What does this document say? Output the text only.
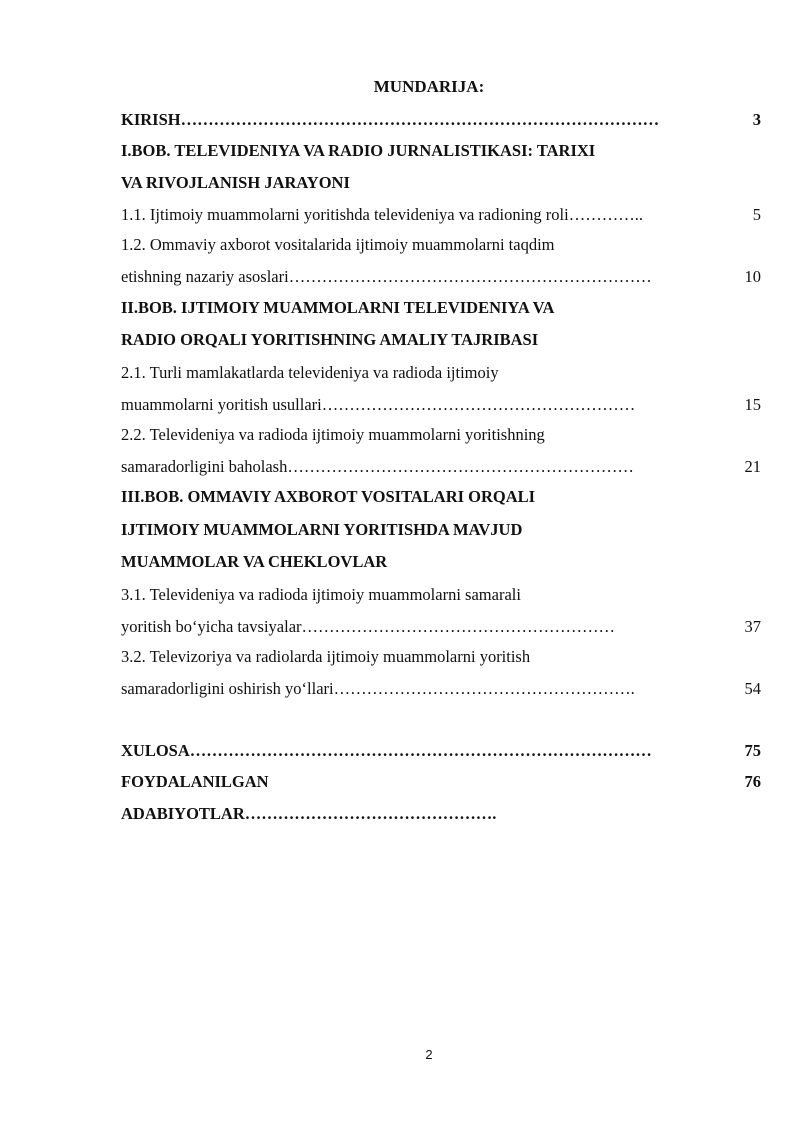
MUNDARIJA:
KIRISH……………………………………………………………………………	3
I.BOB. TELEVIDENIYA VA RADIO JURNALISTIKASI: TARIXI
VA RIVOJLANISH JARAYONI
1.1. Ijtimoiy muammolarni yoritishda televideniya va radioning roli…………..	5
1.2. Ommaviy axborot vositalarida ijtimoiy muammolarni taqdim
etishning nazariy asoslari…………………………………………………………	10
II.BOB. IJTIMOIY MUAMMOLARNI TELEVIDENIYA VA
RADIO ORQALI YORITISHNING AMALIY TAJRIBASI
2.1. Turli mamlakatlarda televideniya va radioda ijtimoiy
muammolarni yoritish usullari…………………………………………………	15
2.2. Televideniya va radioda ijtimoiy muammolarni yoritishning
samaradorligini baholash………………………………………………………	21
III.BOB. OMMAVIY AXBOROT VOSITALARI ORQALI
IJTIMOIY MUAMMOLARNI YORITISHDA MAVJUD
MUAMMOLAR VA CHEKLOVLAR
3.1. Televideniya va radioda ijtimoiy muammolarni samarali
yoritish bo‘yicha tavsiyalar…………………………………………………	37
3.2. Televizoriya va radiolarda ijtimoiy muammolarni yoritish
samaradorligini oshirish yo‘llari……………………………………………….	54
XULOSA…………………………………………………………………………	75
FOYDALANILGAN	76
ADABIYOTLAR……………………………………….
2
